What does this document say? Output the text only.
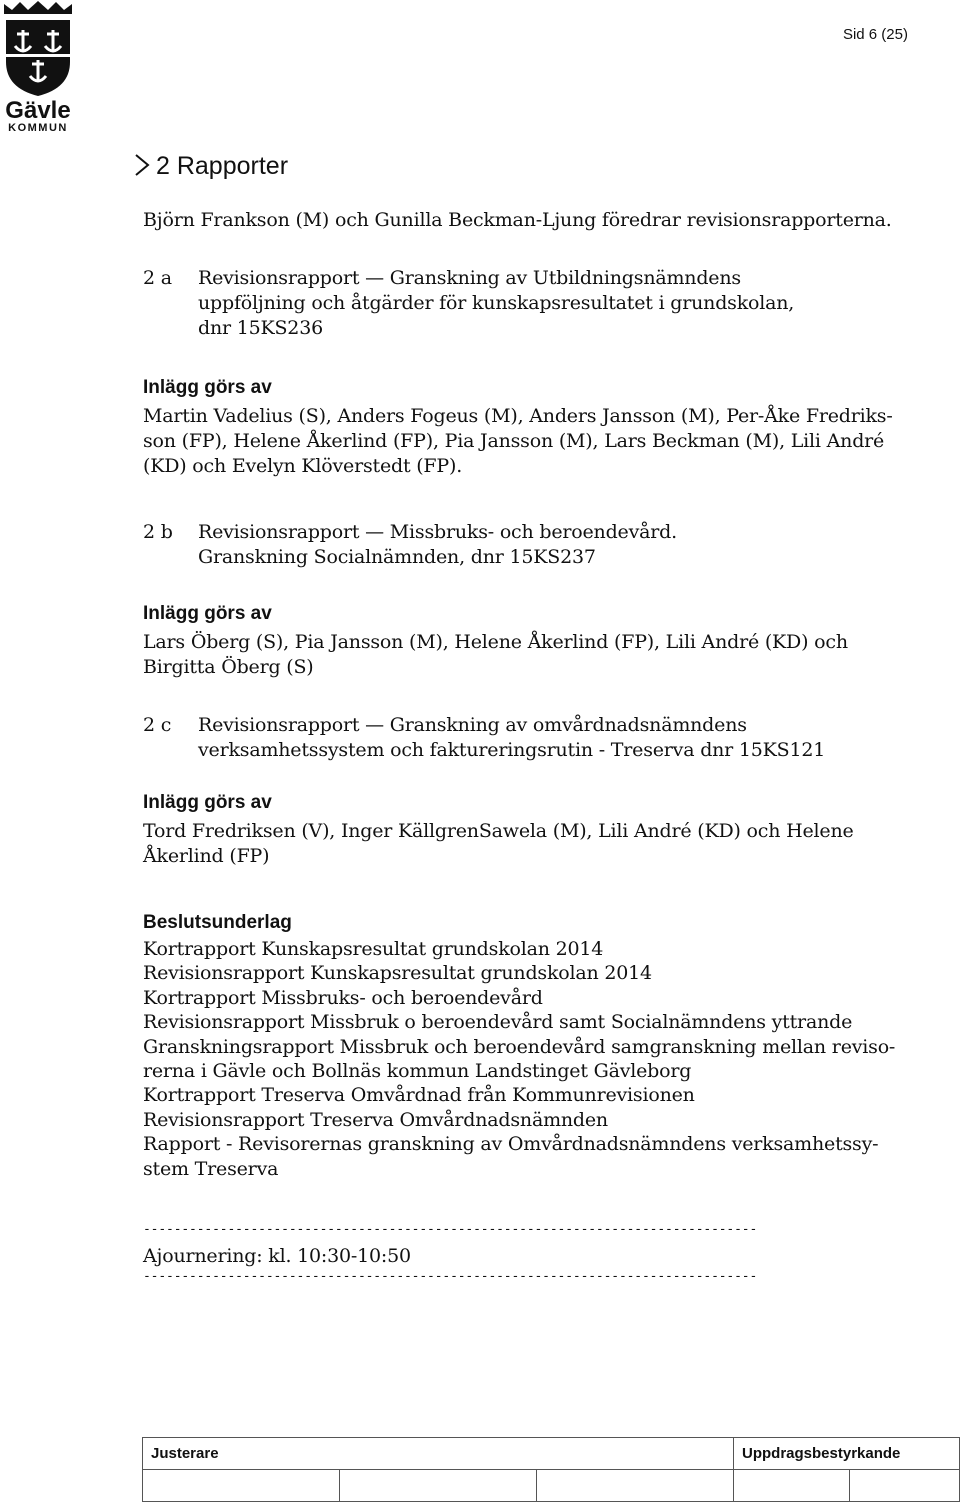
Gävle
KOMMUN
Sid 6 (25)
2 Rapporter
Björn Frankson (M) och Gunilla Beckman-Ljung föredrar revisionsrapporterna.
2 a	Revisionsrapport — Granskning av Utbildningsnämndens
uppföljning och åtgärder för kunskapsresultatet i grundskolan,
dnr 15KS236
Inlägg görs av
Martin Vadelius (S), Anders Fogeus (M), Anders Jansson (M), Per-Åke Fredriks-
son (FP), Helene Åkerlind (FP), Pia Jansson (M), Lars Beckman (M), Lili André
(KD) och Evelyn Klöverstedt (FP).
2 b	Revisionsrapport — Missbruks- och beroendevård.
Granskning Socialnämnden, dnr 15KS237
Inlägg görs av
Lars Öberg (S), Pia Jansson (M), Helene Åkerlind (FP), Lili André (KD) och
Birgitta Öberg (S)
2 c	Revisionsrapport — Granskning av omvårdnadsnämndens
verksamhetssystem och faktureringsrutin - Treserva dnr 15KS121
Inlägg görs av
Tord Fredriksen (V), Inger KällgrenSawela (M), Lili André (KD) och Helene
Åkerlind (FP)
Beslutsunderlag
Kortrapport Kunskapsresultat grundskolan 2014
Revisionsrapport Kunskapsresultat grundskolan 2014
Kortrapport Missbruks- och beroendevård
Revisionsrapport Missbruk o beroendevård samt Socialnämndens yttrande
Granskningsrapport Missbruk och beroendevård samgranskning mellan reviso-
rerna i Gävle och Bollnäs kommun Landstinget Gävleborg
Kortrapport Treserva Omvårdnad från Kommunrevisionen
Revisionsrapport Treserva Omvårdnadsnämnden
Rapport - Revisorernas granskning av Omvårdnadsnämndens verksamhetssy-
stem Treserva
--------------------------------------------------------------------------------
Ajournering: kl. 10:30-10:50
--------------------------------------------------------------------------------
Justerare			Uppdragsbestyrkande	
